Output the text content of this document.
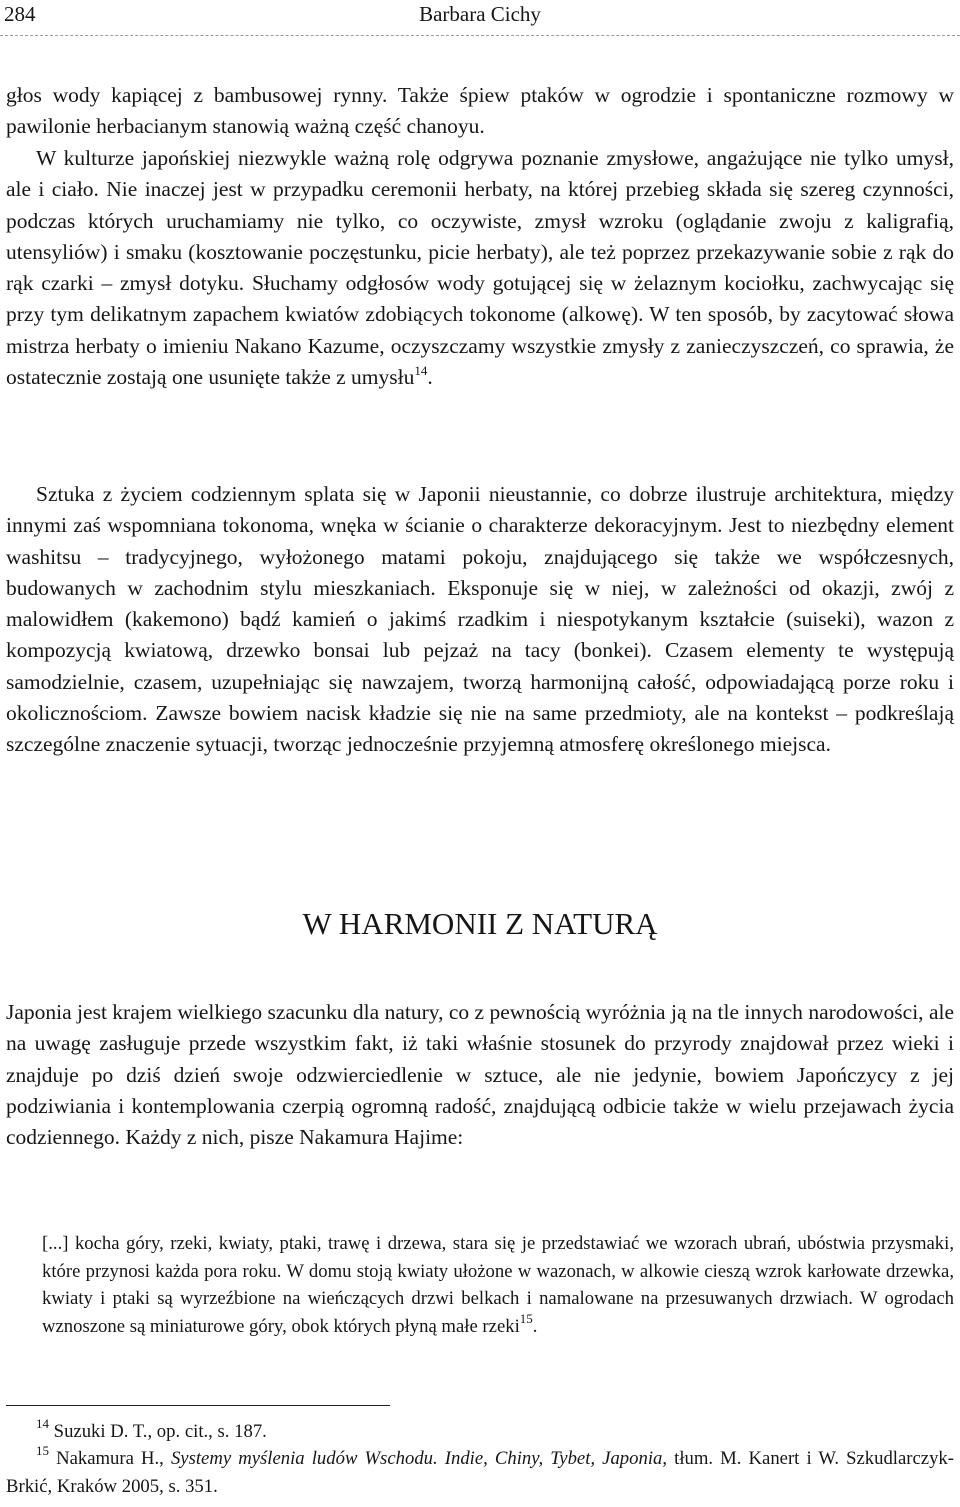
284	Barbara Cichy

głos wody kapiącej z bambusowej rynny. Także śpiew ptaków w ogrodzie i spontaniczne rozmowy w pawilonie herbacianym stanowią ważną część chanoyu.

W kulturze japońskiej niezwykle ważną rolę odgrywa poznanie zmysłowe, angażujące nie tylko umysł, ale i ciało. Nie inaczej jest w przypadku ceremonii herbaty, na której przebieg składa się szereg czynności, podczas których uruchamiamy nie tylko, co oczywiste, zmysł wzroku (oglądanie zwoju z kaligrafią, utensyliów) i smaku (kosztowanie poczęstunku, picie herbaty), ale też poprzez przekazywanie sobie z rąk do rąk czarki – zmysł dotyku. Słuchamy odgłosów wody gotującej się w żelaznym kociołku, zachwycając się przy tym delikatnym zapachem kwiatów zdobiących tokonome (alkowę). W ten sposób, by zacytować słowa mistrza herbaty o imieniu Nakano Kazume, oczyszczamy wszystkie zmysły z zanieczyszczeń, co sprawia, że ostatecznie zostają one usunięte także z umysłu$^{14}$.

Sztuka z życiem codziennym splata się w Japonii nieustannie, co dobrze ilustruje architektura, między innymi zaś wspomniana tokonoma, wnęka w ścianie o charakterze dekoracyjnym. Jest to niezbędny element washitsu – tradycyjnego, wyłożonego matami pokoju, znajdującego się także we współczesnych, budowanych w zachodnim stylu mieszkaniach. Eksponuje się w niej, w zależności od okazji, zwój z malowidłem (kakemono) bądź kamień o jakimś rzadkim i niespotykanym kształcie (suiseki), wazon z kompozycją kwiatową, drzewko bonsai lub pejzaż na tacy (bonkei). Czasem elementy te występują samodzielnie, czasem, uzupełniając się nawzajem, tworzą harmonijną całość, odpowiadającą porze roku i okolicznościom. Zawsze bowiem nacisk kładzie się nie na same przedmioty, ale na kontekst – podkreślają szczególne znaczenie sytuacji, tworząc jednocześnie przyjemną atmosferę określonego miejsca.

W HARMONII Z NATURĄ

Japonia jest krajem wielkiego szacunku dla natury, co z pewnością wyróżnia ją na tle innych narodowości, ale na uwagę zasługuje przede wszystkim fakt, iż taki właśnie stosunek do przyrody znajdował przez wieki i znajduje po dziś dzień swoje odzwierciedlenie w sztuce, ale nie jedynie, bowiem Japończycy z jej podziwiania i kontemplowania czerpią ogromną radość, znajdującą odbicie także w wielu przejawach życia codziennego. Każdy z nich, pisze Nakamura Hajime:

[...] kocha góry, rzeki, kwiaty, ptaki, trawę i drzewa, stara się je przedstawiać we wzorach ubrań, ubóstwia przysmaki, które przynosi każda pora roku. W domu stoją kwiaty ułożone w wazonach, w alkowie cieszą wzrok karłowate drzewka, kwiaty i ptaki są wyrzeźbione na wieńczących drzwi belkach i namalowane na przesuwanych drzwiach. W ogrodach wznoszone są miniaturowe góry, obok których płyną małe rzeki$^{15}$.

$^{14}$ Suzuki D. T., op. cit., s. 187.

$^{15}$ Nakamura H., Systemy myślenia ludów Wschodu. Indie, Chiny, Tybet, Japonia, tłum. M. Kanert i W. Szkudlarczyk-Brkić, Kraków 2005, s. 351.
